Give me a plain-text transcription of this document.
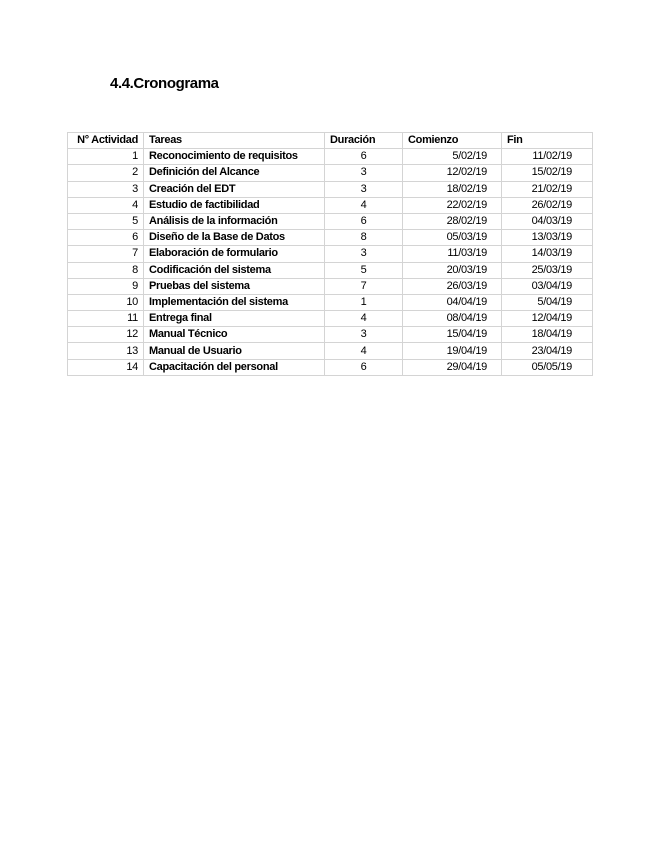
4.4.Cronograma
N° Actividad	Tareas	Duración	Comienzo	Fin
1	Reconocimiento de requisitos	6	5/02/19	11/02/19
2	Definición del Alcance	3	12/02/19	15/02/19
3	Creación del EDT	3	18/02/19	21/02/19
4	Estudio de factibilidad	4	22/02/19	26/02/19
5	Análisis de la información	6	28/02/19	04/03/19
6	Diseño de la Base de Datos	8	05/03/19	13/03/19
7	Elaboración de formulario	3	11/03/19	14/03/19
8	Codificación del sistema	5	20/03/19	25/03/19
9	Pruebas del sistema	7	26/03/19	03/04/19
10	Implementación del sistema	1	04/04/19	5/04/19
11	Entrega final	4	08/04/19	12/04/19
12	Manual Técnico	3	15/04/19	18/04/19
13	Manual de Usuario	4	19/04/19	23/04/19
14	Capacitación del personal	6	29/04/19	05/05/19
